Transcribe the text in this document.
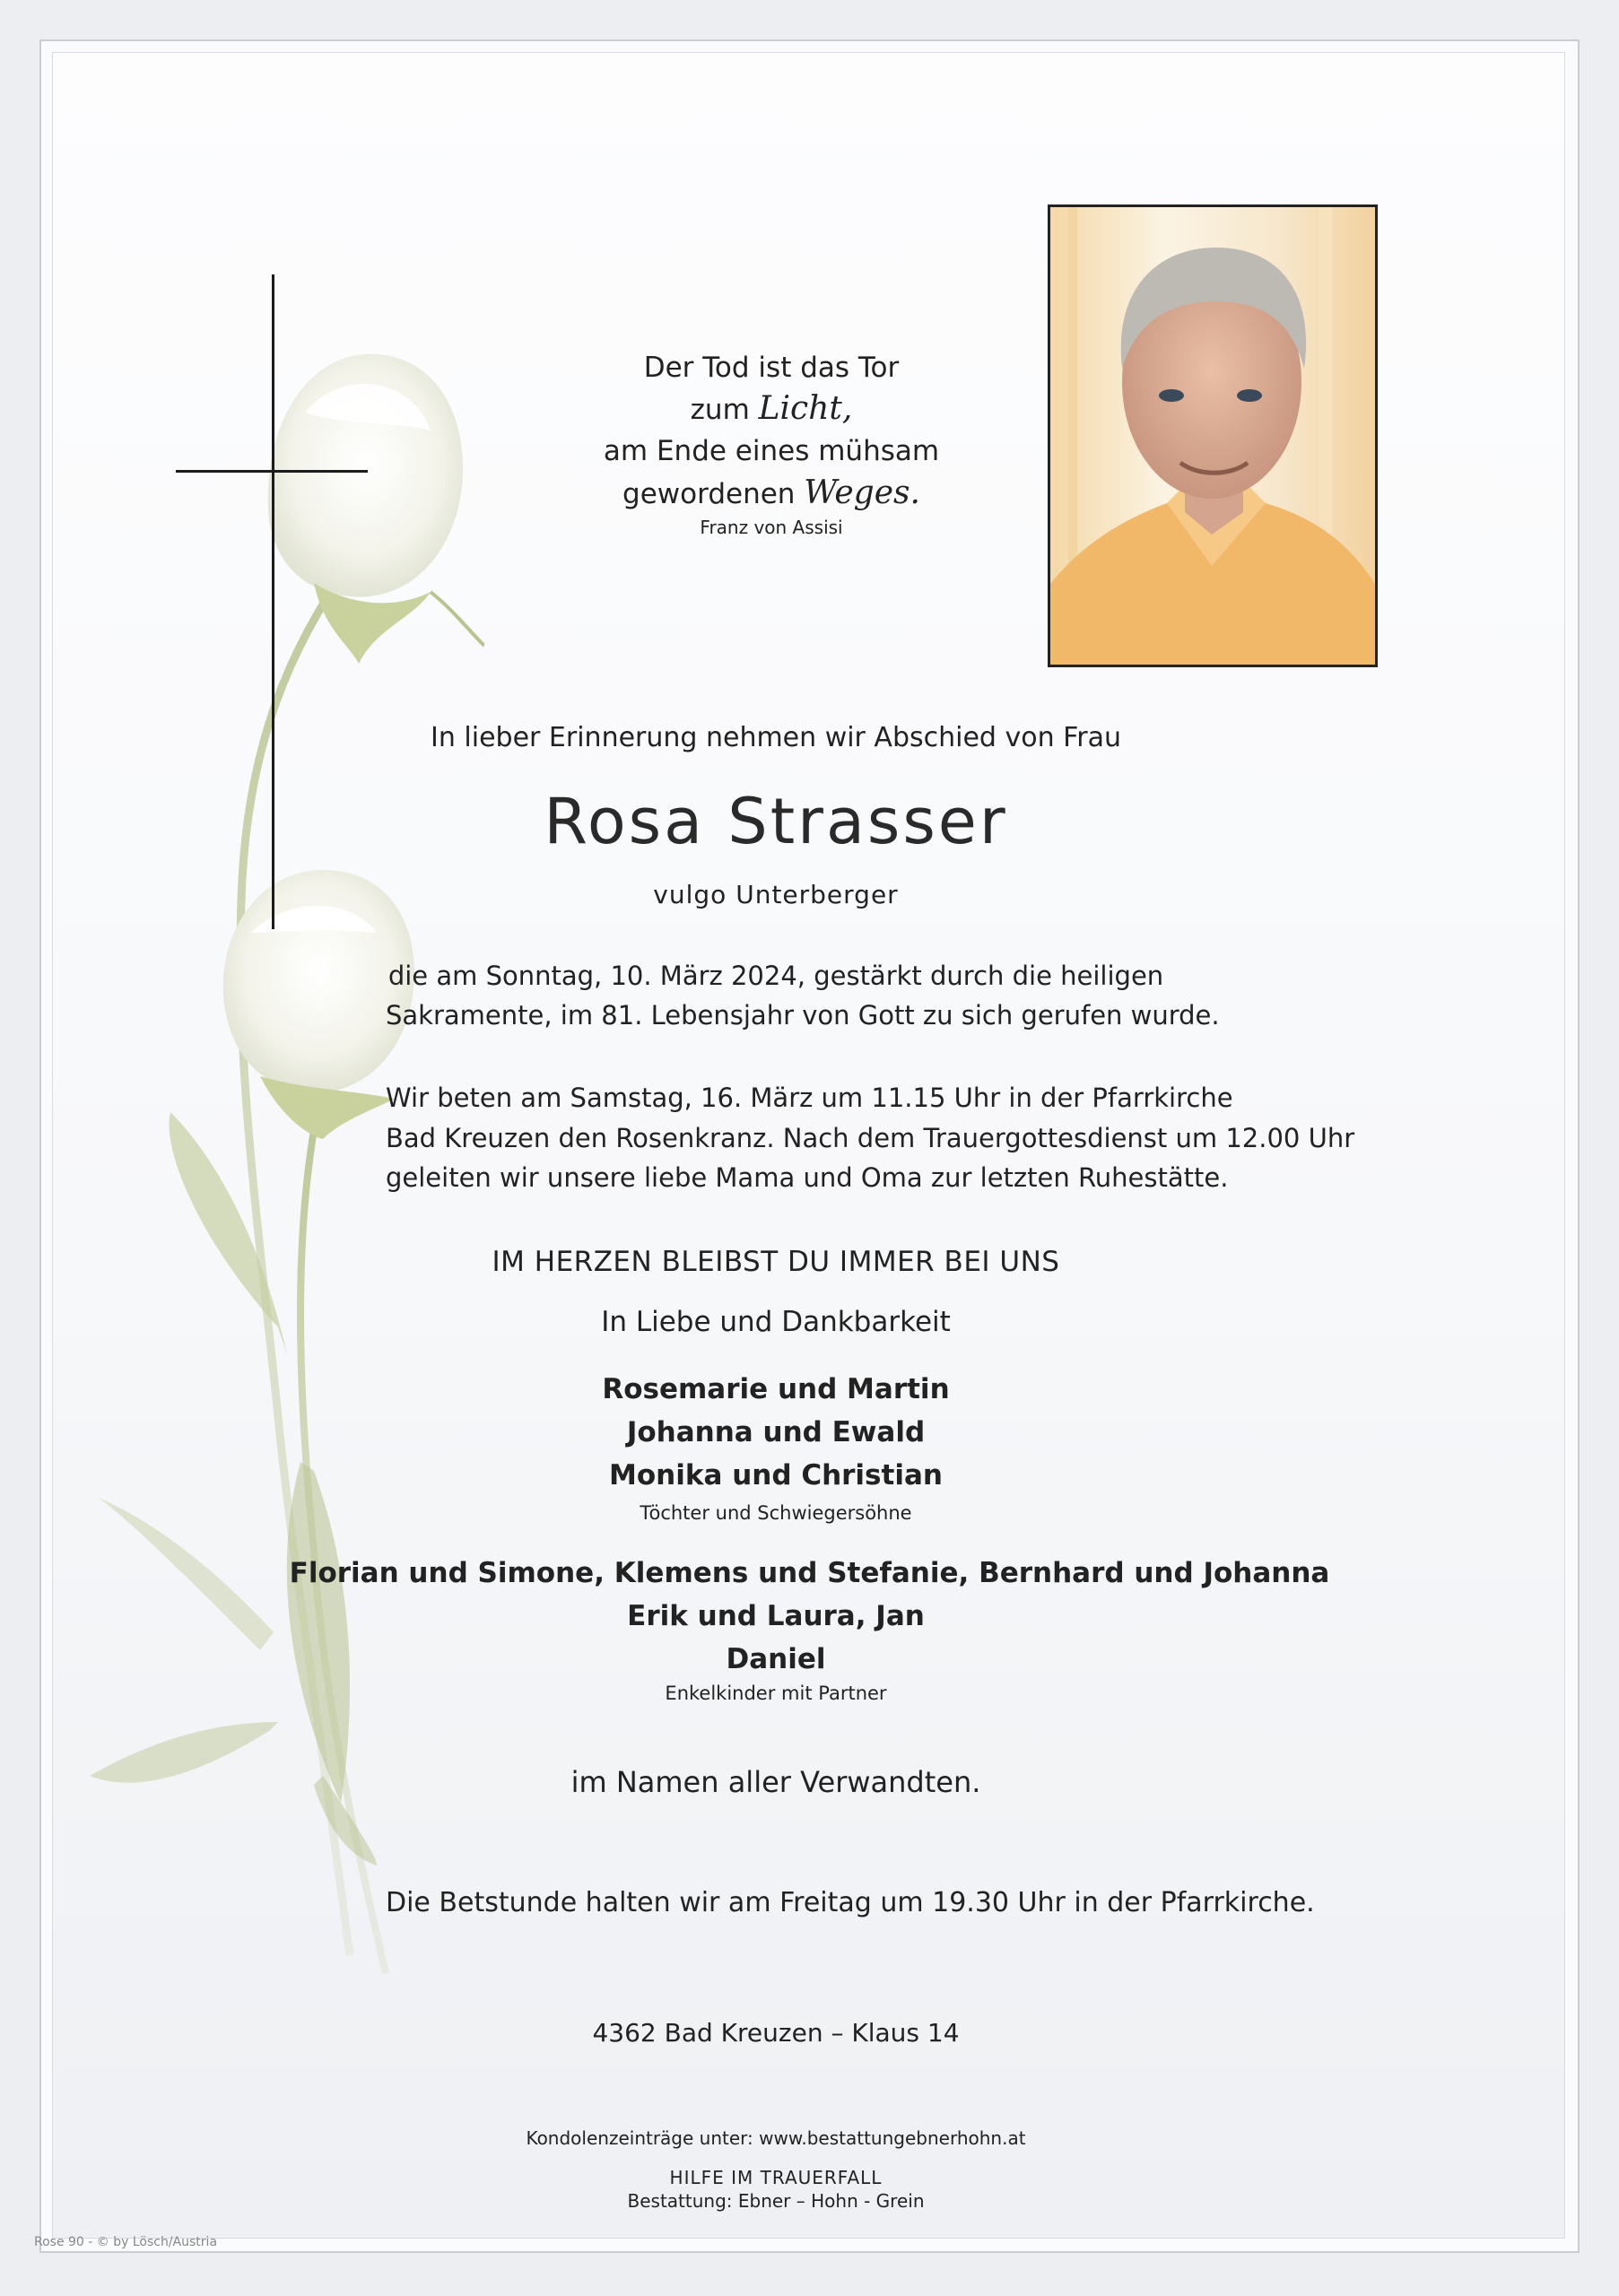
Der Tod ist das Tor
zum Licht,
am Ende eines mühsam
gewordenen Weges.
Franz von Assisi
In lieber Erinnerung nehmen wir Abschied von Frau
Rosa Strasser
vulgo Unterberger
die am Sonntag, 10. März 2024, gestärkt durch die heiligen
Sakramente, im 81. Lebensjahr von Gott zu sich gerufen wurde.
Wir beten am Samstag, 16. März um 11.15 Uhr in der Pfarrkirche
Bad Kreuzen den Rosenkranz. Nach dem Trauergottesdienst um 12.00 Uhr
geleiten wir unsere liebe Mama und Oma zur letzten Ruhestätte.
IM HERZEN BLEIBST DU IMMER BEI UNS
In Liebe und Dankbarkeit
Rosemarie und Martin
Johanna und Ewald
Monika und Christian
Töchter und Schwiegersöhne
Florian und Simone, Klemens und Stefanie, Bernhard und Johanna
Erik und Laura, Jan
Daniel
Enkelkinder mit Partner
im Namen aller Verwandten.
Die Betstunde halten wir am Freitag um 19.30 Uhr in der Pfarrkirche.
4362 Bad Kreuzen – Klaus 14
Kondolenzeinträge unter: www.bestattungebnerhohn.at
HILFE IM TRAUERFALL
Bestattung: Ebner – Hohn - Grein
Rose 90 - © by Lösch/Austria
